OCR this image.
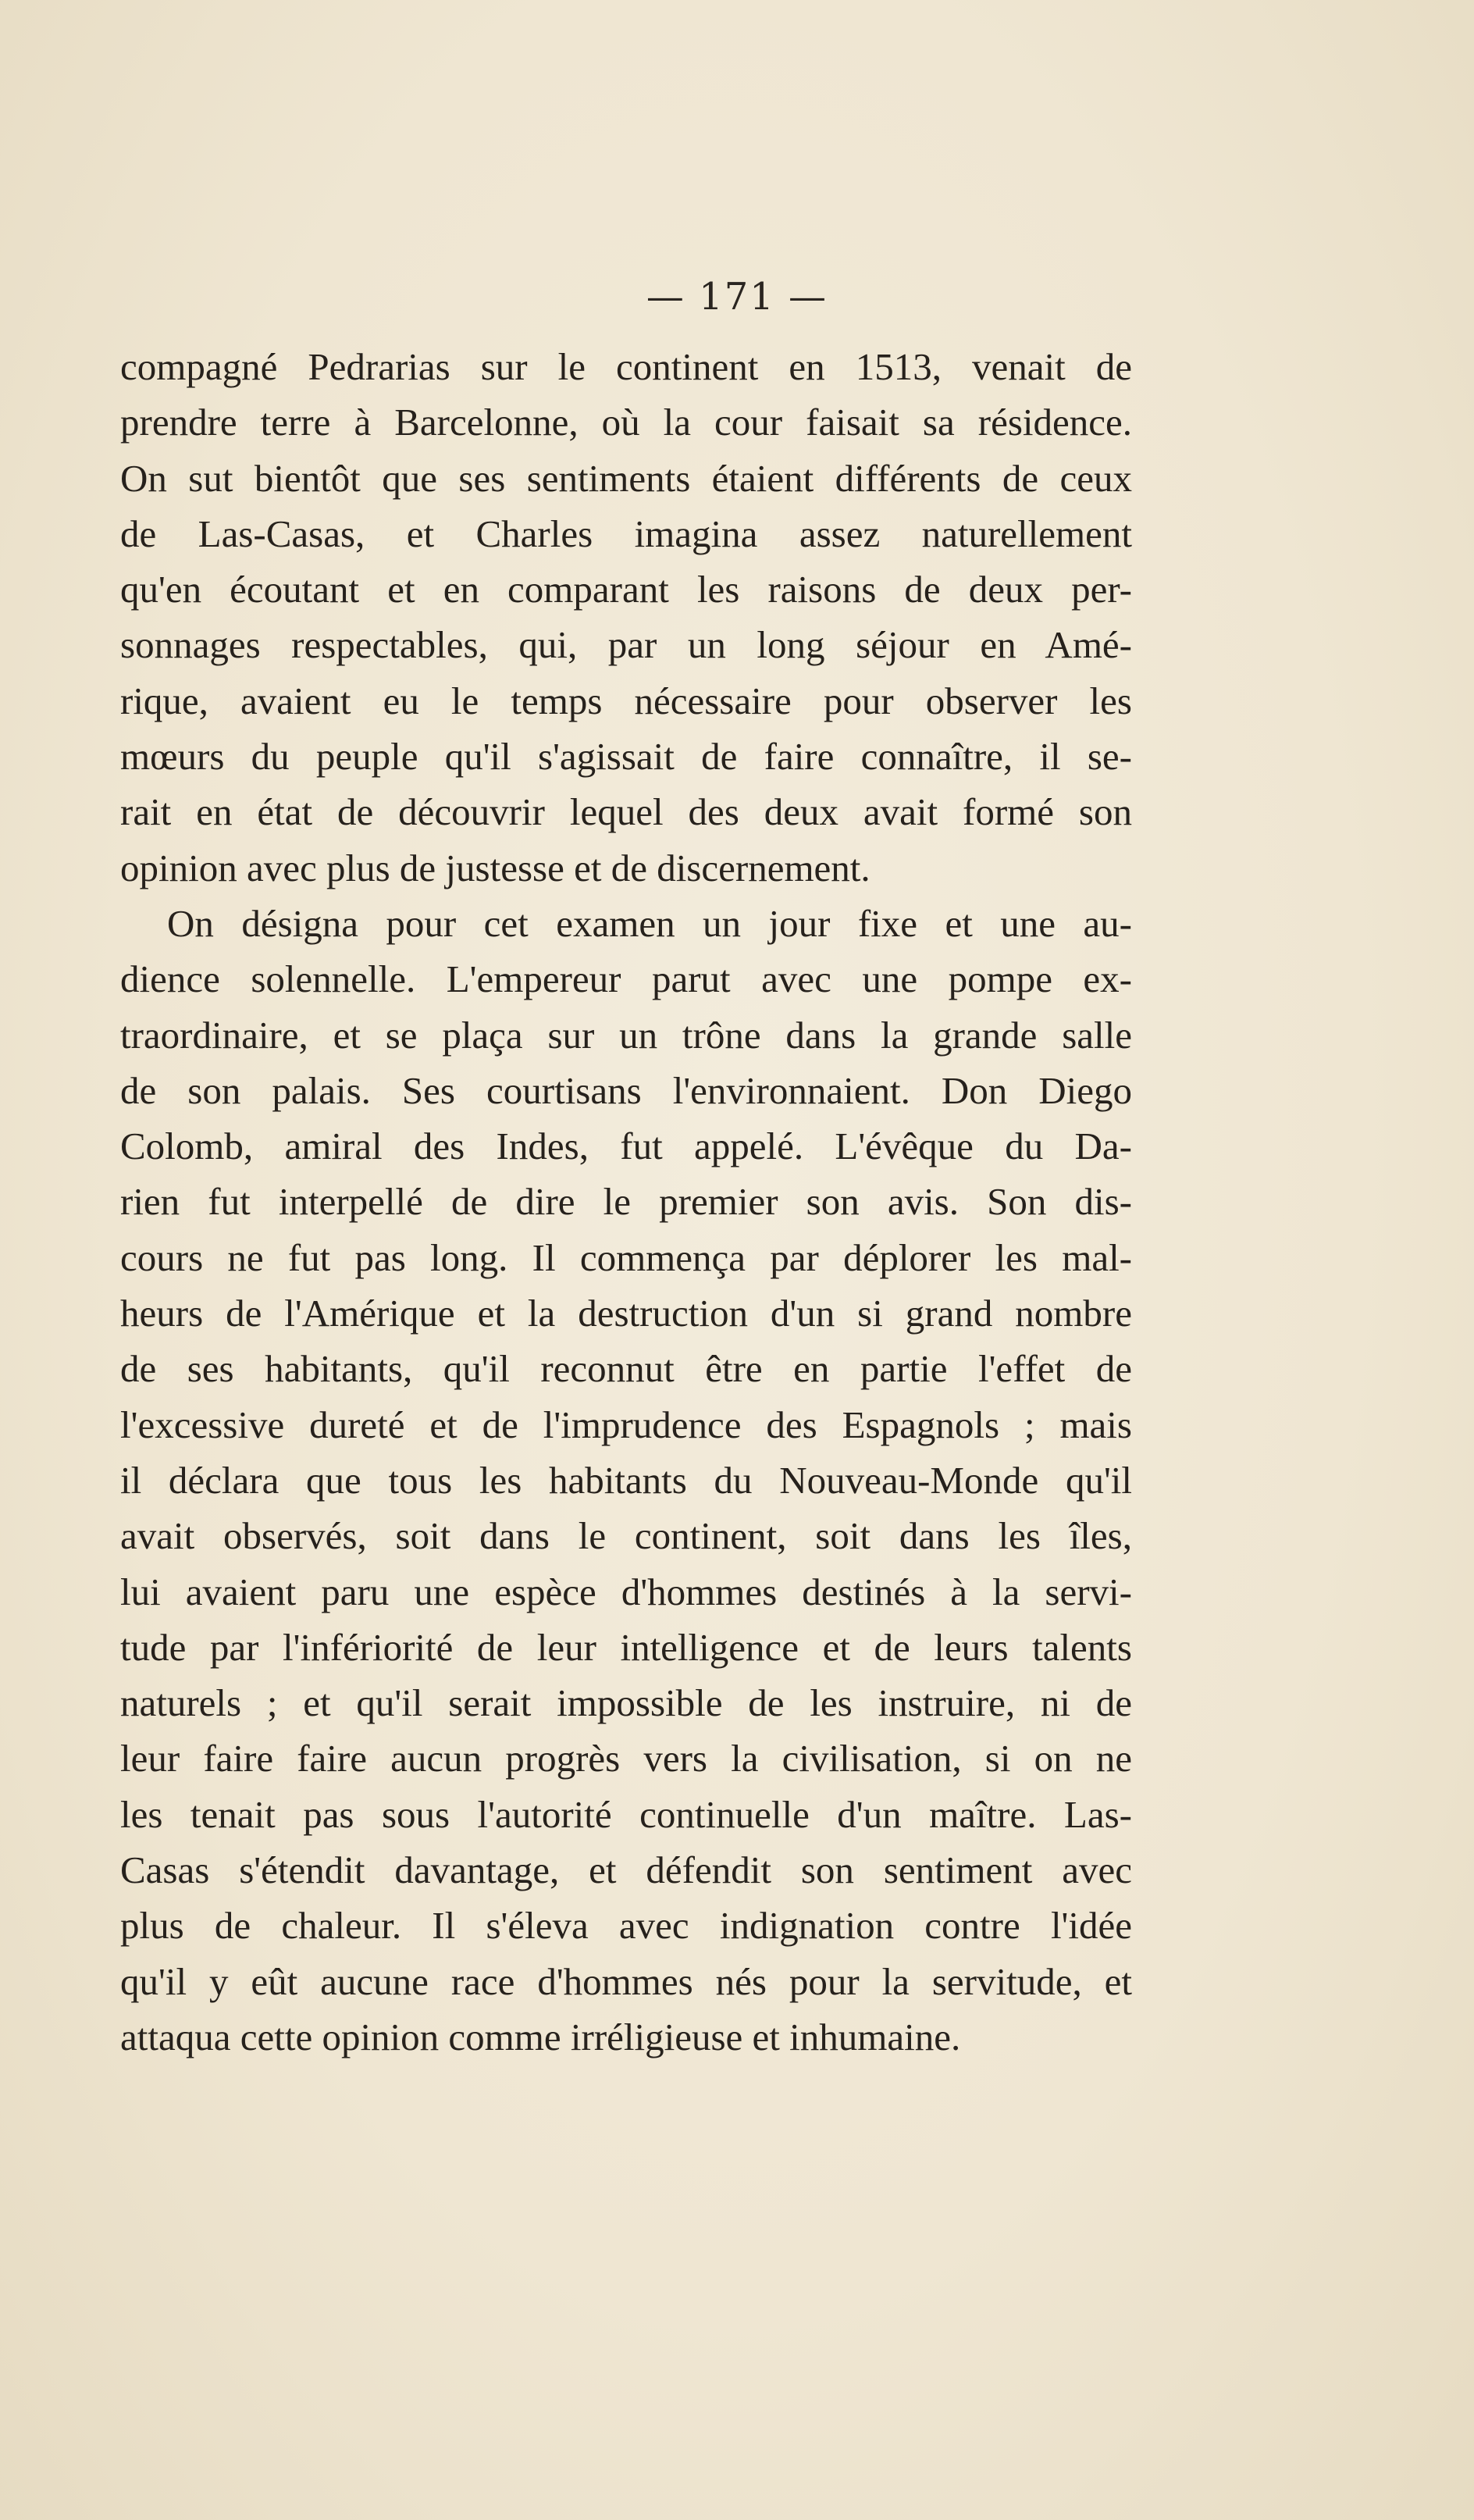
— 171 —
compagné Pedrarias sur le continent en 1513, venait de
prendre terre à Barcelonne, où la cour faisait sa résidence.
On sut bientôt que ses sentiments étaient différents de ceux
de Las-Casas, et Charles imagina assez naturellement
qu'en écoutant et en comparant les raisons de deux per-
sonnages respectables, qui, par un long séjour en Amé-
rique, avaient eu le temps nécessaire pour observer les
mœurs du peuple qu'il s'agissait de faire connaître, il se-
rait en état de découvrir lequel des deux avait formé son
opinion avec plus de justesse et de discernement.
On désigna pour cet examen un jour fixe et une au-
dience solennelle. L'empereur parut avec une pompe ex-
traordinaire, et se plaça sur un trône dans la grande salle
de son palais. Ses courtisans l'environnaient. Don Diego
Colomb, amiral des Indes, fut appelé. L'évêque du Da-
rien fut interpellé de dire le premier son avis. Son dis-
cours ne fut pas long. Il commença par déplorer les mal-
heurs de l'Amérique et la destruction d'un si grand nombre
de ses habitants, qu'il reconnut être en partie l'effet de
l'excessive dureté et de l'imprudence des Espagnols ; mais
il déclara que tous les habitants du Nouveau-Monde qu'il
avait observés, soit dans le continent, soit dans les îles,
lui avaient paru une espèce d'hommes destinés à la servi-
tude par l'infériorité de leur intelligence et de leurs talents
naturels ; et qu'il serait impossible de les instruire, ni de
leur faire faire aucun progrès vers la civilisation, si on ne
les tenait pas sous l'autorité continuelle d'un maître. Las-
Casas s'étendit davantage, et défendit son sentiment avec
plus de chaleur. Il s'éleva avec indignation contre l'idée
qu'il y eût aucune race d'hommes nés pour la servitude, et
attaqua cette opinion comme irréligieuse et inhumaine.
